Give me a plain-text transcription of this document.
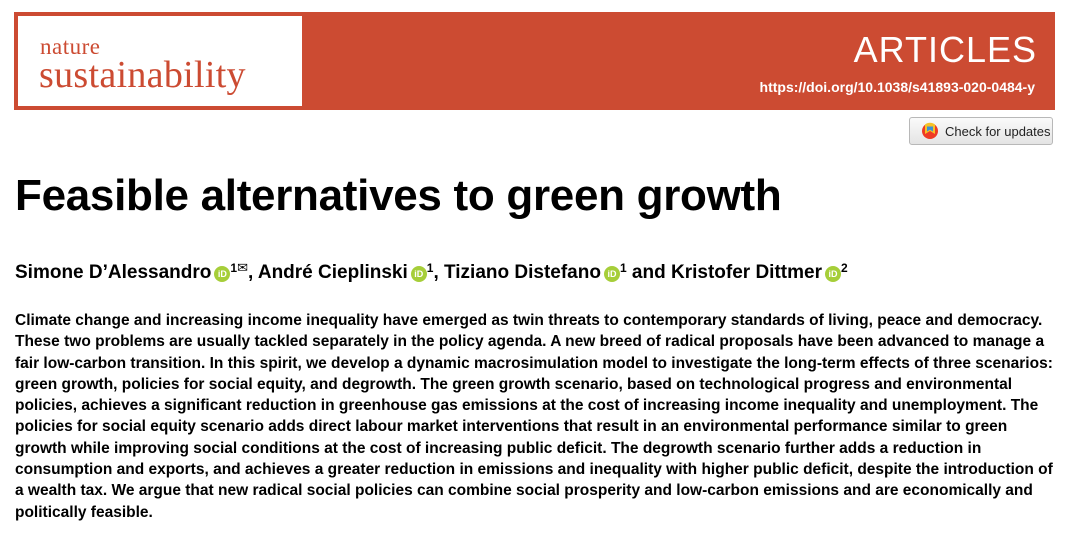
nature
sustainability
ARTICLES
https://doi.org/10.1038/s41893-020-0484-y
Check for updates
Feasible alternatives to green growth

Simone D’Alessandro iD $^{1✉}$, André Cieplinski iD $^1$, Tiziano Distefano iD $^1$ and Kristofer Dittmer iD $^2$

Climate change and increasing income inequality have emerged as twin threats to contemporary standards of living, peace and democracy. These two problems are usually tackled separately in the policy agenda. A new breed of radical proposals have been advanced to manage a fair low-carbon transition. In this spirit, we develop a dynamic macrosimulation model to investigate the long-term effects of three scenarios: green growth, policies for social equity, and degrowth. The green growth scenario, based on technological progress and environmental policies, achieves a significant reduction in greenhouse gas emissions at the cost of increasing income inequality and unemployment. The policies for social equity scenario adds direct labour market interventions that result in an environmental performance similar to green growth while improving social conditions at the cost of increasing public deficit. The degrowth scenario further adds a reduction in consumption and exports, and achieves a greater reduction in emissions and inequality with higher public deficit, despite the introduction of a wealth tax. We argue that new radical social policies can combine social prosperity and low-carbon emissions and are economically and politically feasible.
